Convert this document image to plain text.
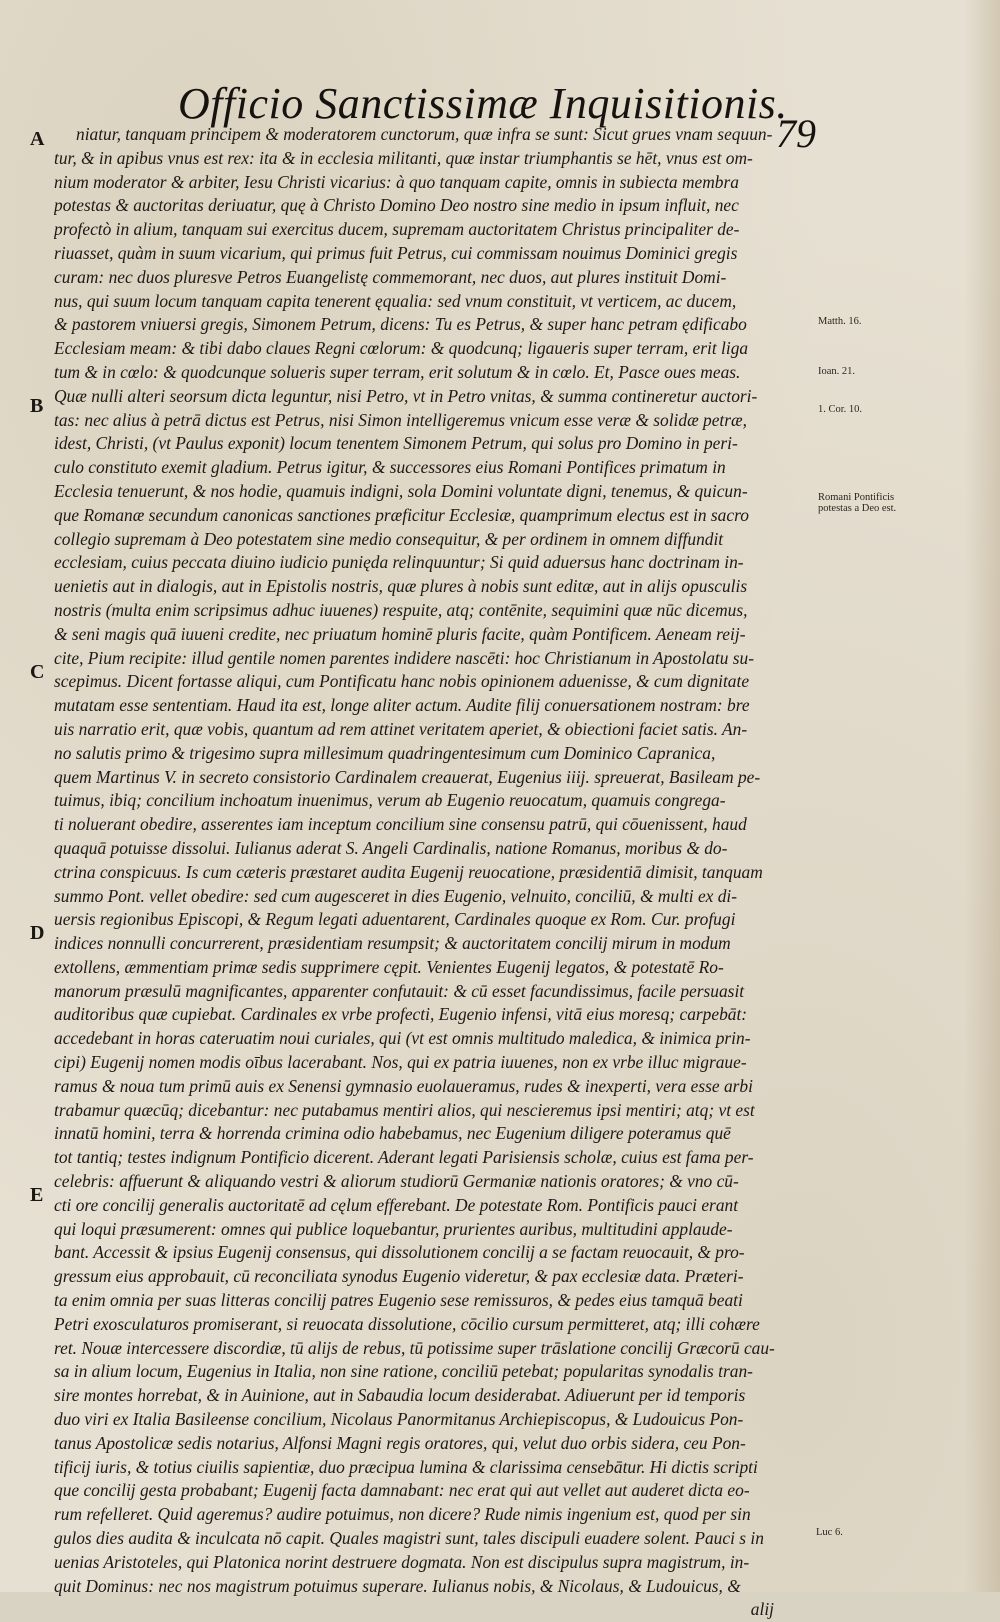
Officio Sanctissimæ Inquisitionis.
79
A
B
C
D
E
Matth. 16.
Ioan. 21.
1. Cor. 10.
Romani Pontificis potestas a Deo est.
Luc 6.
niatur, tanquam principem & moderatorem cunctorum, quæ infra se sunt: Sicut grues vnam sequun-
tur, & in apibus vnus est rex: ita & in ecclesia militanti, quæ instar triumphantis se hēt, vnus est om-
nium moderator & arbiter, Iesu Christi vicarius: à quo tanquam capite, omnis in subiecta membra
potestas & auctoritas deriuatur, quę à Christo Domino Deo nostro sine medio in ipsum influit, nec
profectò in alium, tanquam sui exercitus ducem, supremam auctoritatem Christus principaliter de-
riuasset, quàm in suum vicarium, qui primus fuit Petrus, cui commissam nouimus Dominici gregis
curam: nec duos pluresve Petros Euangelistę commemorant, nec duos, aut plures instituit Domi-
nus, qui suum locum tanquam capita tenerent ęqualia: sed vnum constituit, vt verticem, ac ducem,
& pastorem vniuersi gregis, Simonem Petrum, dicens: Tu es Petrus, & super hanc petram ędificabo
Ecclesiam meam: & tibi dabo claues Regni cœlorum: & quodcunq; ligaueris super terram, erit liga
tum & in cœlo: & quodcunque solueris super terram, erit solutum & in cœlo. Et, Pasce oues meas.
Quæ nulli alteri seorsum dicta leguntur, nisi Petro, vt in Petro vnitas, & summa contineretur auctori-
tas: nec alius à petrā dictus est Petrus, nisi Simon intelligeremus vnicum esse veræ & solidæ petræ,
idest, Christi, (vt Paulus exponit) locum tenentem Simonem Petrum, qui solus pro Domino in peri-
culo constituto exemit gladium. Petrus igitur, & successores eius Romani Pontifices primatum in
Ecclesia tenuerunt, & nos hodie, quamuis indigni, sola Domini voluntate digni, tenemus, & quicun-
que Romanæ secundum canonicas sanctiones præficitur Ecclesiæ, quamprimum electus est in sacro
collegio supremam à Deo potestatem sine medio consequitur, & per ordinem in omnem diffundit
ecclesiam, cuius peccata diuino iudicio punięda relinquuntur; Si quid aduersus hanc doctrinam in-
uenietis aut in dialogis, aut in Epistolis nostris, quæ plures à nobis sunt editæ, aut in alijs opusculis
nostris (multa enim scripsimus adhuc iuuenes) respuite, atq; contēnite, sequimini quæ nūc dicemus,
& seni magis quā iuueni credite, nec priuatum hominē pluris facite, quàm Pontificem. Aeneam reij-
cite, Pium recipite: illud gentile nomen parentes indidere nascēti: hoc Christianum in Apostolatu su-
scepimus. Dicent fortasse aliqui, cum Pontificatu hanc nobis opinionem aduenisse, & cum dignitate
mutatam esse sententiam. Haud ita est, longe aliter actum. Audite filij conuersationem nostram: bre
uis narratio erit, quæ vobis, quantum ad rem attinet veritatem aperiet, & obiectioni faciet satis. An-
no salutis primo & trigesimo supra millesimum quadringentesimum cum Dominico Capranica,
quem Martinus V. in secreto consistorio Cardinalem creauerat, Eugenius iiij. spreuerat, Basileam pe-
tuimus, ibiq; concilium inchoatum inuenimus, verum ab Eugenio reuocatum, quamuis congrega-
ti noluerant obedire, asserentes iam inceptum concilium sine consensu patrū, qui cōuenissent, haud
quaquā potuisse dissolui. Iulianus aderat S. Angeli Cardinalis, natione Romanus, moribus & do-
ctrina conspicuus. Is cum cæteris præstaret audita Eugenij reuocatione, præsidentiā dimisit, tanquam
summo Pont. vellet obedire: sed cum augesceret in dies Eugenio, velnuito, conciliū, & multi ex di-
uersis regionibus Episcopi, & Regum legati aduentarent, Cardinales quoque ex Rom. Cur. profugi
indices nonnulli concurrerent, præsidentiam resumpsit; & auctoritatem concilij mirum in modum
extollens, æmmentiam primæ sedis supprimere cępit. Venientes Eugenij legatos, & potestatē Ro-
manorum præsulū magnificantes, apparenter confutauit: & cū esset facundissimus, facile persuasit
auditoribus quæ cupiebat. Cardinales ex vrbe profecti, Eugenio infensi, vitā eius moresq; carpebāt:
accedebant in horas cateruatim noui curiales, qui (vt est omnis multitudo maledica, & inimica prin-
cipi) Eugenij nomen modis oībus lacerabant. Nos, qui ex patria iuuenes, non ex vrbe illuc migraue-
ramus & noua tum primū auis ex Senensi gymnasio euolaueramus, rudes & inexperti, vera esse arbi
trabamur quæcūq; dicebantur: nec putabamus mentiri alios, qui nescieremus ipsi mentiri; atq; vt est
innatū homini, terra & horrenda crimina odio habebamus, nec Eugenium diligere poteramus quē
tot tantiq; testes indignum Pontificio dicerent. Aderant legati Parisiensis scholæ, cuius est fama per-
celebris: affuerunt & aliquando vestri & aliorum studiorū Germaniæ nationis oratores; & vno cū-
cti ore concilij generalis auctoritatē ad cęlum efferebant. De potestate Rom. Pontificis pauci erant
qui loqui præsumerent: omnes qui publice loquebantur, prurientes auribus, multitudini applaude-
bant. Accessit & ipsius Eugenij consensus, qui dissolutionem concilij a se factam reuocauit, & pro-
gressum eius approbauit, cū reconciliata synodus Eugenio videretur, & pax ecclesiæ data. Præteri-
ta enim omnia per suas litteras concilij patres Eugenio sese remissuros, & pedes eius tamquā beati
Petri exosculaturos promiserant, si reuocata dissolutione, cōcilio cursum permitteret, atq; illi cohære
ret. Nouæ intercessere discordiæ, tū alijs de rebus, tū potissime super trāslatione concilij Græcorū cau-
sa in alium locum, Eugenius in Italia, non sine ratione, conciliū petebat; popularitas synodalis tran-
sire montes horrebat, & in Auinione, aut in Sabaudia locum desiderabat. Adiuerunt per id temporis
duo viri ex Italia Basileense concilium, Nicolaus Panormitanus Archiepiscopus, & Ludouicus Pon-
tanus Apostolicæ sedis notarius, Alfonsi Magni regis oratores, qui, velut duo orbis sidera, ceu Pon-
tificij iuris, & totius ciuilis sapientiæ, duo præcipua lumina & clarissima censebātur. Hi dictis scripti
que concilij gesta probabant; Eugenij facta damnabant: nec erat qui aut vellet aut auderet dicta eo-
rum refelleret. Quid ageremus? audire potuimus, non dicere? Rude nimis ingenium est, quod per sin
gulos dies audita & inculcata nō capit. Quales magistri sunt, tales discipuli euadere solent. Pauci s in
uenias Aristoteles, qui Platonica norint destruere dogmata. Non est discipulus supra magistrum, in-
quit Dominus: nec nos magistrum potuimus superare. Iulianus nobis, & Nicolaus, & Ludouicus, &
alij
